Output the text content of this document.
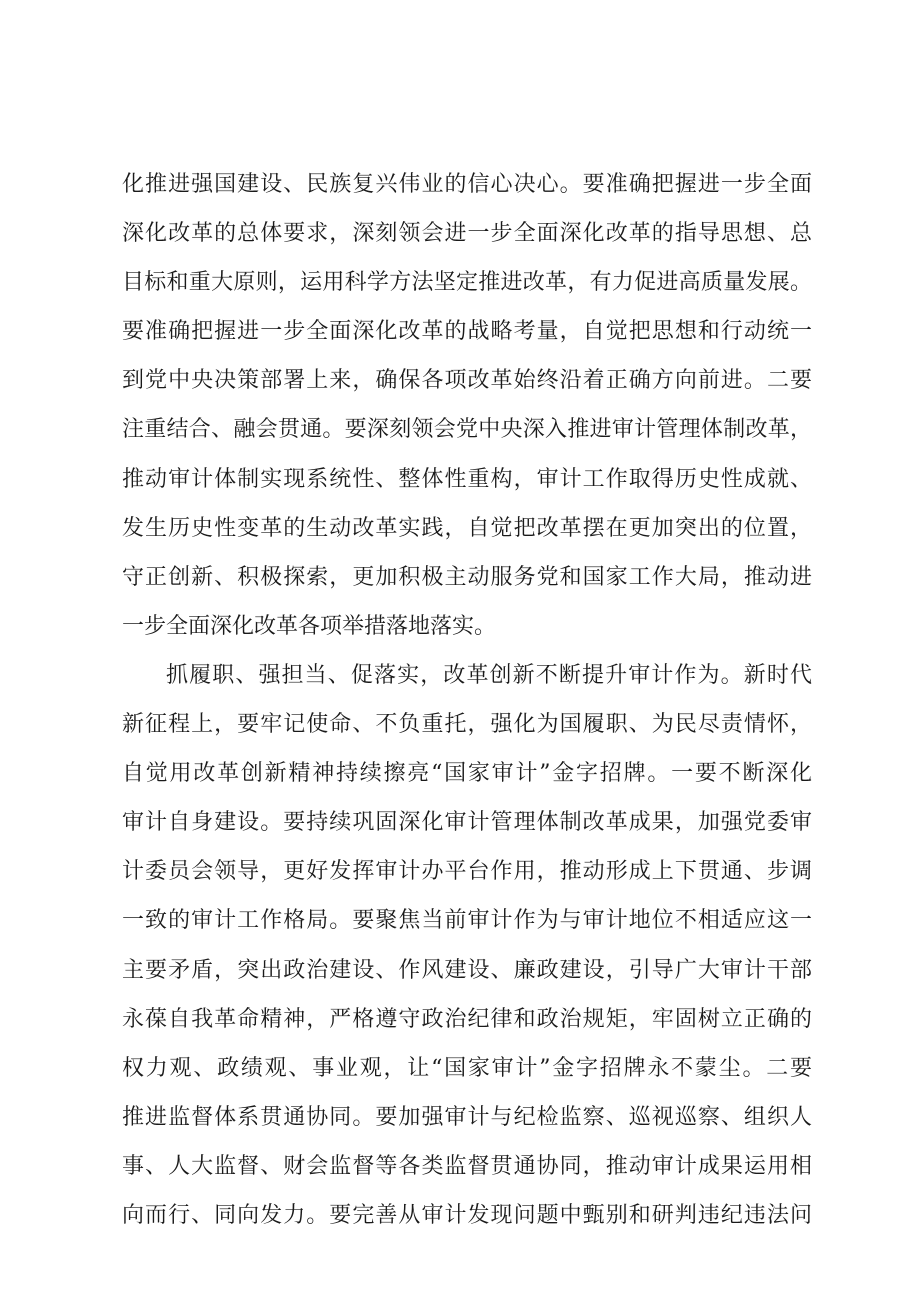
化推进强国建设、民族复兴伟业的信心决心。要准确把握进一步全面
深化改革的总体要求，深刻领会进一步全面深化改革的指导思想、总
目标和重大原则，运用科学方法坚定推进改革，有力促进高质量发展。
要准确把握进一步全面深化改革的战略考量，自觉把思想和行动统一
到党中央决策部署上来，确保各项改革始终沿着正确方向前进。二要
注重结合、融会贯通。要深刻领会党中央深入推进审计管理体制改革，
推动审计体制实现系统性、整体性重构，审计工作取得历史性成就、
发生历史性变革的生动改革实践，自觉把改革摆在更加突出的位置，
守正创新、积极探索，更加积极主动服务党和国家工作大局，推动进
一步全面深化改革各项举措落地落实。
抓履职、强担当、促落实，改革创新不断提升审计作为。新时代
新征程上，要牢记使命、不负重托，强化为国履职、为民尽责情怀，
自觉用改革创新精神持续擦亮“国家审计”金字招牌。一要不断深化
审计自身建设。要持续巩固深化审计管理体制改革成果，加强党委审
计委员会领导，更好发挥审计办平台作用，推动形成上下贯通、步调
一致的审计工作格局。要聚焦当前审计作为与审计地位不相适应这一
主要矛盾，突出政治建设、作风建设、廉政建设，引导广大审计干部
永葆自我革命精神，严格遵守政治纪律和政治规矩，牢固树立正确的
权力观、政绩观、事业观，让“国家审计”金字招牌永不蒙尘。二要
推进监督体系贯通协同。要加强审计与纪检监察、巡视巡察、组织人
事、人大监督、财会监督等各类监督贯通协同，推动审计成果运用相
向而行、同向发力。要完善从审计发现问题中甄别和研判违纪违法问
